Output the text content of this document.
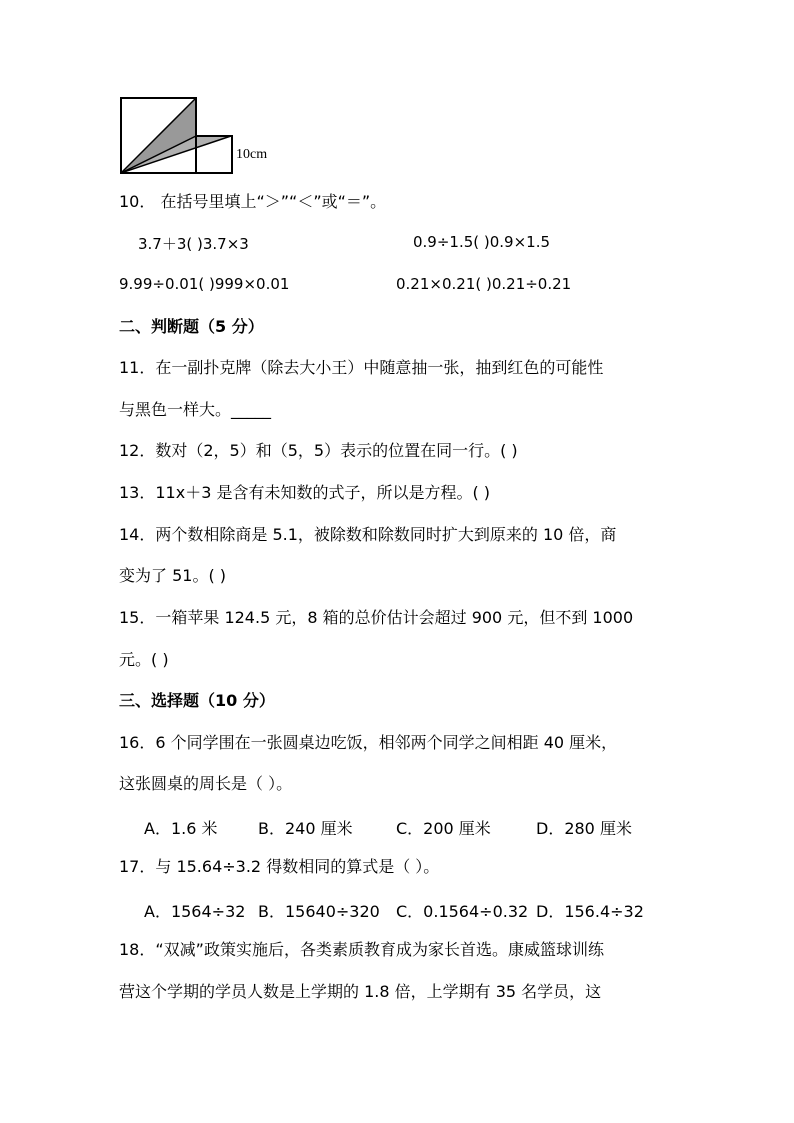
10cm
10． 在括号里填上“＞”“＜”或“＝”。
3.7＋3( )3.7×3	0.9÷1.5( )0.9×1.5
9.99÷0.01( )999×0.01	0.21×0.21( )0.21÷0.21
二、判断题（5 分）
11．在一副扑克牌（除去大小王）中随意抽一张，抽到红色的可能性
与黑色一样大。_____
12．数对（2，5）和（5，5）表示的位置在同一行。( )
13．11x＋3 是含有未知数的式子，所以是方程。( )
14．两个数相除商是 5.1，被除数和除数同时扩大到原来的 10 倍，商
变为了 51。( )
15．一箱苹果 124.5 元，8 箱的总价估计会超过 900 元，但不到 1000
元。( )
三、选择题（10 分）
16．6 个同学围在一张圆桌边吃饭，相邻两个同学之间相距 40 厘米，
这张圆桌的周长是（ ）。
A．1.6 米	B．240 厘米	C．200 厘米	D．280 厘米
17．与 15.64÷3.2 得数相同的算式是（ ）。
A．1564÷32 B．15640÷320 C．0.1564÷0.32 D．156.4÷32
18．“双减”政策实施后，各类素质教育成为家长首选。康威篮球训练
营这个学期的学员人数是上学期的 1.8 倍，上学期有 35 名学员，这
